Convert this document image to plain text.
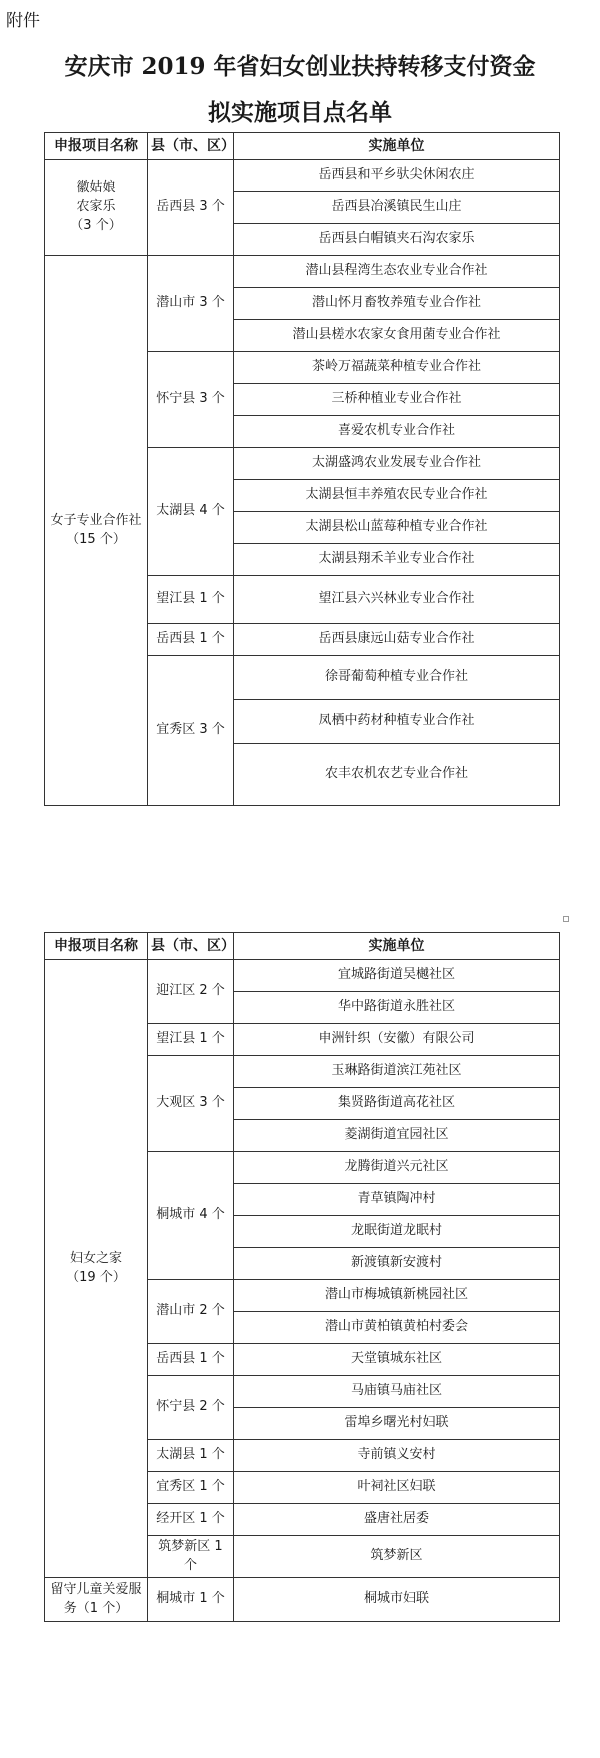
附件
安庆市 2019 年省妇女创业扶持转移支付资金
拟实施项目点名单
申报项目名称	县（市、区）	实施单位

徽姑娘
农家乐
（3 个）	岳西县 3 个	岳西县和平乡驮尖休闲农庄
		岳西县冶溪镇民生山庄
		岳西县白帽镇夹石沟农家乐

女子专业合作社
（15 个）	潜山市 3 个	潜山县程湾生态农业专业合作社
		潜山怀月畜牧养殖专业合作社
		潜山县槎水农家女食用菌专业合作社
	怀宁县 3 个	茶岭万福蔬菜种植专业合作社
		三桥种植业专业合作社
		喜爱农机专业合作社
	太湖县 4 个	太湖盛鸿农业发展专业合作社
		太湖县恒丰养殖农民专业合作社
		太湖县松山蓝莓种植专业合作社
		太湖县翔禾羊业专业合作社
	望江县 1 个	望江县六兴林业专业合作社
	岳西县 1 个	岳西县康远山菇专业合作社
	宜秀区 3 个	徐哥葡萄种植专业合作社
		凤栖中药材种植专业合作社
		农丰农机农艺专业合作社
申报项目名称	县（市、区）	实施单位

妇女之家
（19 个）	迎江区 2 个	宜城路街道吴樾社区
		华中路街道永胜社区
	望江县 1 个	申洲针织（安徽）有限公司
	大观区 3 个	玉琳路街道滨江苑社区
		集贤路街道高花社区
		菱湖街道宜园社区
	桐城市 4 个	龙腾街道兴元社区
		青草镇陶冲村
		龙眠街道龙眠村
		新渡镇新安渡村
	潜山市 2 个	潜山市梅城镇新桃园社区
		潜山市黄柏镇黄柏村委会
	岳西县 1 个	天堂镇城东社区
	怀宁县 2 个	马庙镇马庙社区
		雷埠乡曙光村妇联
	太湖县 1 个	寺前镇义安村
	宜秀区 1 个	叶祠社区妇联
	经开区 1 个	盛唐社居委
	筑梦新区 1 个	筑梦新区

留守儿童关爱服务（1 个）	桐城市 1 个	桐城市妇联
